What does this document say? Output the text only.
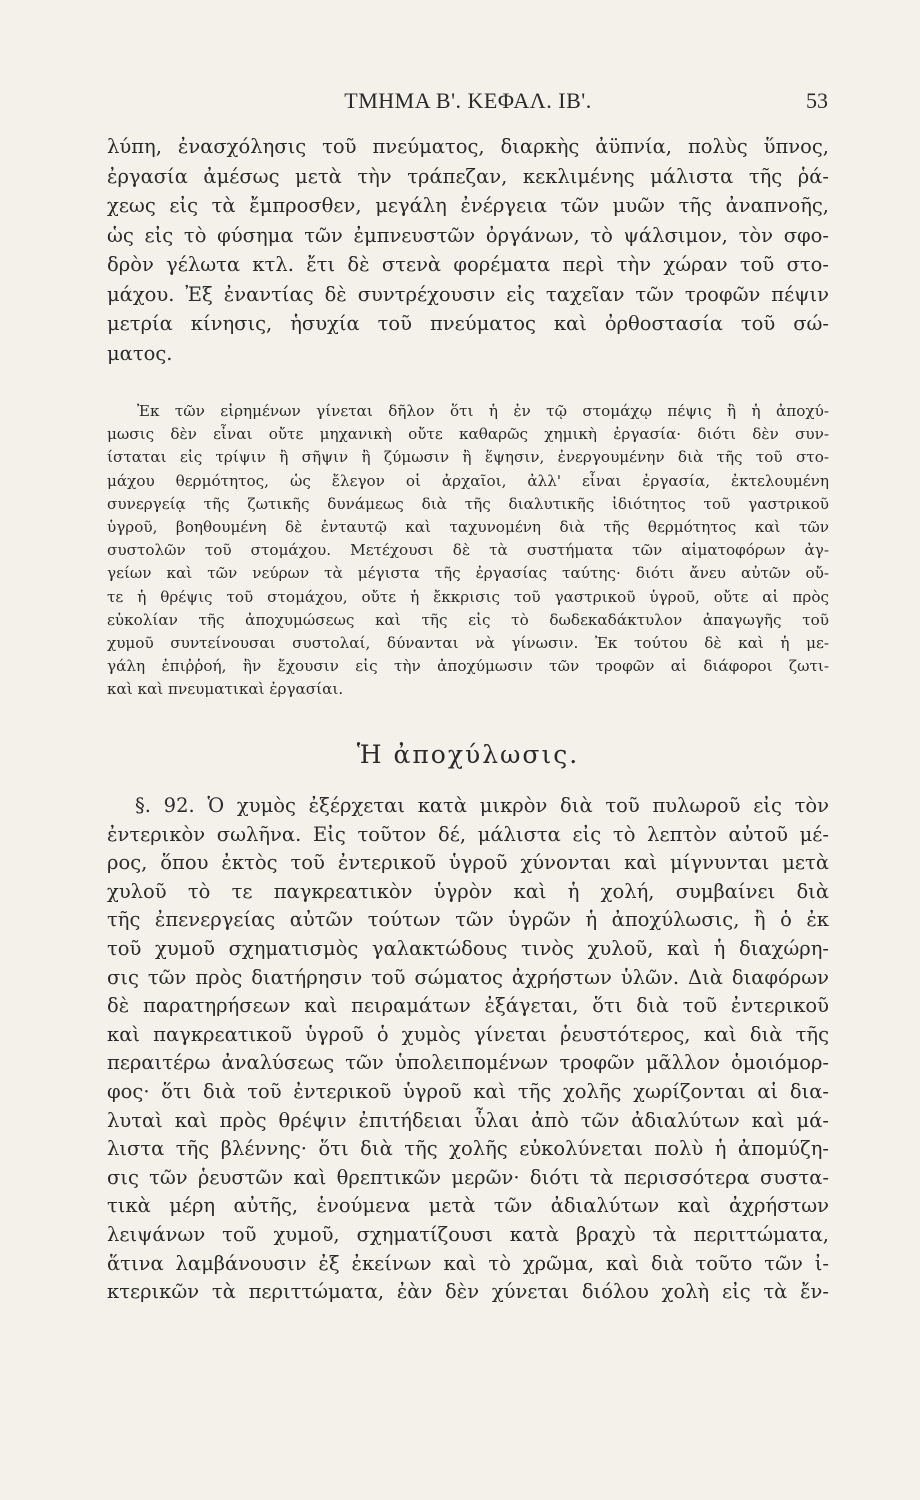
ΤΜΗΜΑ Β'. ΚΕΦΑΛ. ΙΒ'.	53
λύπη, ἐνασχόλησις τοῦ πνεύματος, διαρκὴς ἀϋπνία, πολὺς ὕπνος,
ἐργασία ἀμέσως μετὰ τὴν τράπεζαν, κεκλιμένης μάλιστα τῆς ῥά-
χεως εἰς τὰ ἔμπροσθεν, μεγάλη ἐνέργεια τῶν μυῶν τῆς ἀναπνοῆς,
ὡς εἰς τὸ φύσημα τῶν ἐμπνευστῶν ὀργάνων, τὸ ψάλσιμον, τὸν σφο-
δρὸν γέλωτα κτλ. ἔτι δὲ στενὰ φορέματα περὶ τὴν χώραν τοῦ στο-
μάχου. Ἐξ ἐναντίας δὲ συντρέχουσιν εἰς ταχεῖαν τῶν τροφῶν πέψιν
μετρία κίνησις, ἡσυχία τοῦ πνεύματος καὶ ὀρθοστασία τοῦ σώ-
ματος.
Ἐκ τῶν εἰρημένων γίνεται δῆλον ὅτι ἡ ἐν τῷ στομάχῳ πέψις ἢ ἡ ἀποχύ-
μωσις δὲν εἶναι οὔτε μηχανικὴ οὔτε καθαρῶς χημικὴ ἐργασία· διότι δὲν συν-
ίσταται εἰς τρίψιν ἢ σῆψιν ἢ ζύμωσιν ἢ ἕψησιν, ἐνεργουμένην διὰ τῆς τοῦ στο-
μάχου θερμότητος, ὡς ἔλεγον οἱ ἀρχαῖοι, ἀλλ' εἶναι ἐργασία, ἐκτελουμένη
συνεργείᾳ τῆς ζωτικῆς δυνάμεως διὰ τῆς διαλυτικῆς ἰδιότητος τοῦ γαστρικοῦ
ὑγροῦ, βοηθουμένη δὲ ἐνταυτῷ καὶ ταχυνομένη διὰ τῆς θερμότητος καὶ τῶν
συστολῶν τοῦ στομάχου. Μετέχουσι δὲ τὰ συστήματα τῶν αἱματοφόρων ἀγ-
γείων καὶ τῶν νεύρων τὰ μέγιστα τῆς ἐργασίας ταύτης· διότι ἄνευ αὐτῶν οὔ-
τε ἡ θρέψις τοῦ στομάχου, οὔτε ἡ ἔκκρισις τοῦ γαστρικοῦ ὑγροῦ, οὔτε αἱ πρὸς
εὐκολίαν τῆς ἀποχυμώσεως καὶ τῆς εἰς τὸ δωδεκαδάκτυλον ἀπαγωγῆς τοῦ
χυμοῦ συντείνουσαι συστολαί, δύνανται νὰ γίνωσιν. Ἐκ τούτου δὲ καὶ ἡ με-
γάλη ἐπιῤῥοή, ἣν ἔχουσιν εἰς τὴν ἀποχύμωσιν τῶν τροφῶν αἱ διάφοροι ζωτι-
καὶ καὶ πνευματικαὶ ἐργασίαι.
Ἡ ἀποχύλωσις.
§. 92. Ὁ χυμὸς ἐξέρχεται κατὰ μικρὸν διὰ τοῦ πυλωροῦ εἰς τὸν
ἐντερικὸν σωλῆνα. Εἰς τοῦτον δέ, μάλιστα εἰς τὸ λεπτὸν αὐτοῦ μέ-
ρος, ὅπου ἐκτὸς τοῦ ἐντερικοῦ ὑγροῦ χύνονται καὶ μίγνυνται μετὰ
χυλοῦ τὸ τε παγκρεατικὸν ὑγρὸν καὶ ἡ χολή, συμβαίνει διὰ
τῆς ἐπενεργείας αὐτῶν τούτων τῶν ὑγρῶν ἡ ἀποχύλωσις, ἢ ὁ ἐκ
τοῦ χυμοῦ σχηματισμὸς γαλακτώδους τινὸς χυλοῦ, καὶ ἡ διαχώρη-
σις τῶν πρὸς διατήρησιν τοῦ σώματος ἀχρήστων ὑλῶν. Διὰ διαφόρων
δὲ παρατηρήσεων καὶ πειραμάτων ἐξάγεται, ὅτι διὰ τοῦ ἐντερικοῦ
καὶ παγκρεατικοῦ ὑγροῦ ὁ χυμὸς γίνεται ῥευστότερος, καὶ διὰ τῆς
περαιτέρω ἀναλύσεως τῶν ὑπολειπομένων τροφῶν μᾶλλον ὁμοιόμορ-
φος· ὅτι διὰ τοῦ ἐντερικοῦ ὑγροῦ καὶ τῆς χολῆς χωρίζονται αἱ δια-
λυταὶ καὶ πρὸς θρέψιν ἐπιτήδειαι ὗλαι ἀπὸ τῶν ἀδιαλύτων καὶ μά-
λιστα τῆς βλέννης· ὅτι διὰ τῆς χολῆς εὐκολύνεται πολὺ ἡ ἀπομύζη-
σις τῶν ῥευστῶν καὶ θρεπτικῶν μερῶν· διότι τὰ περισσότερα συστα-
τικὰ μέρη αὐτῆς, ἑνούμενα μετὰ τῶν ἀδιαλύτων καὶ ἀχρήστων
λειψάνων τοῦ χυμοῦ, σχηματίζουσι κατὰ βραχὺ τὰ περιττώματα,
ἅτινα λαμβάνουσιν ἐξ ἐκείνων καὶ τὸ χρῶμα, καὶ διὰ τοῦτο τῶν ἰ-
κτερικῶν τὰ περιττώματα, ἐὰν δὲν χύνεται διόλου χολὴ εἰς τὰ ἔν-
